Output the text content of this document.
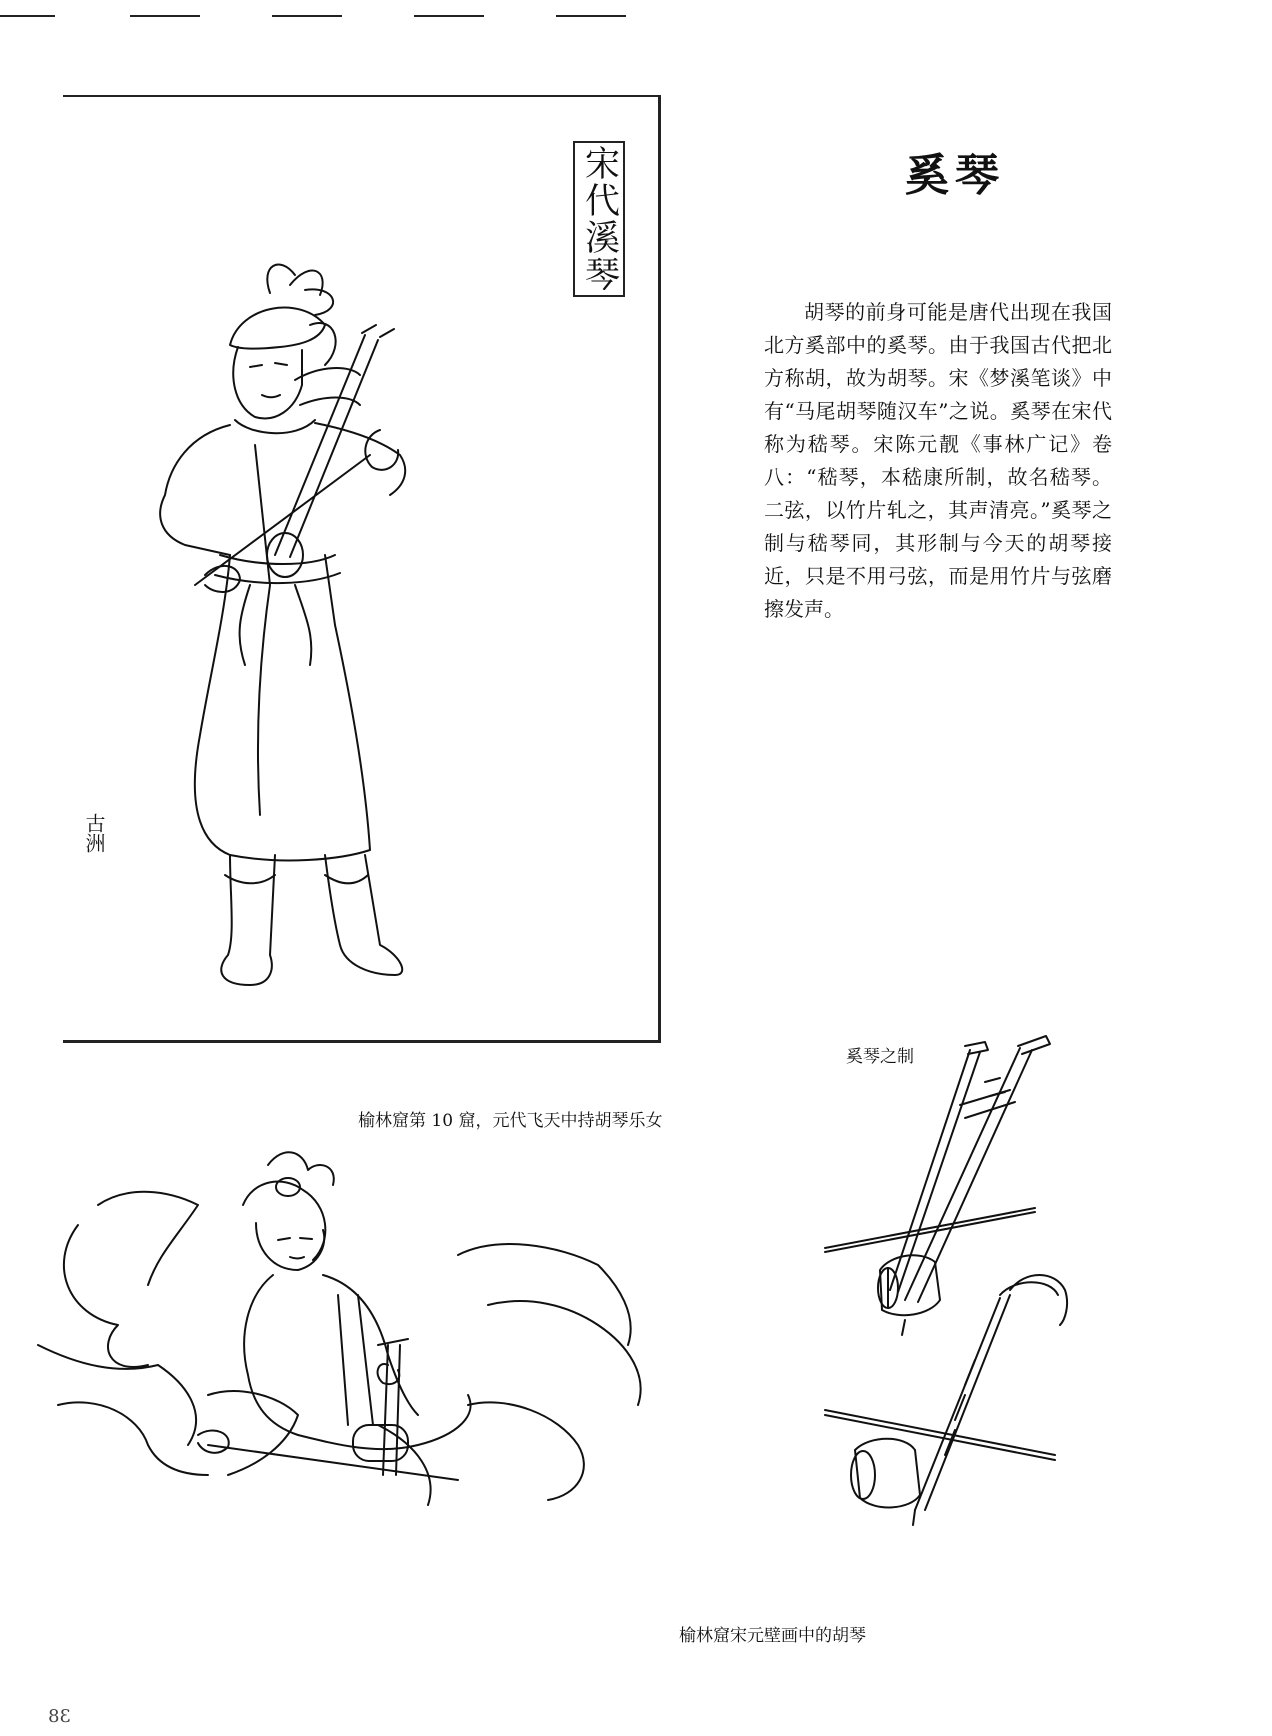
宋代溪琴
古洲
奚琴
胡琴的前身可能是唐代出现在我国北方奚部中的奚琴。由于我国古代把北方称胡，故为胡琴。宋《梦溪笔谈》中有“马尾胡琴随汉车”之说。奚琴在宋代称为嵇琴。宋陈元靓《事林广记》卷八：“嵇琴，本嵇康所制，故名嵇琴。二弦，以竹片轧之，其声清亮。”奚琴之制与嵇琴同，其形制与今天的胡琴接近，只是不用弓弦，而是用竹片与弦磨擦发声。
奚琴之制
榆林窟第 10 窟，元代飞天中持胡琴乐女
榆林窟宋元壁画中的胡琴
38
